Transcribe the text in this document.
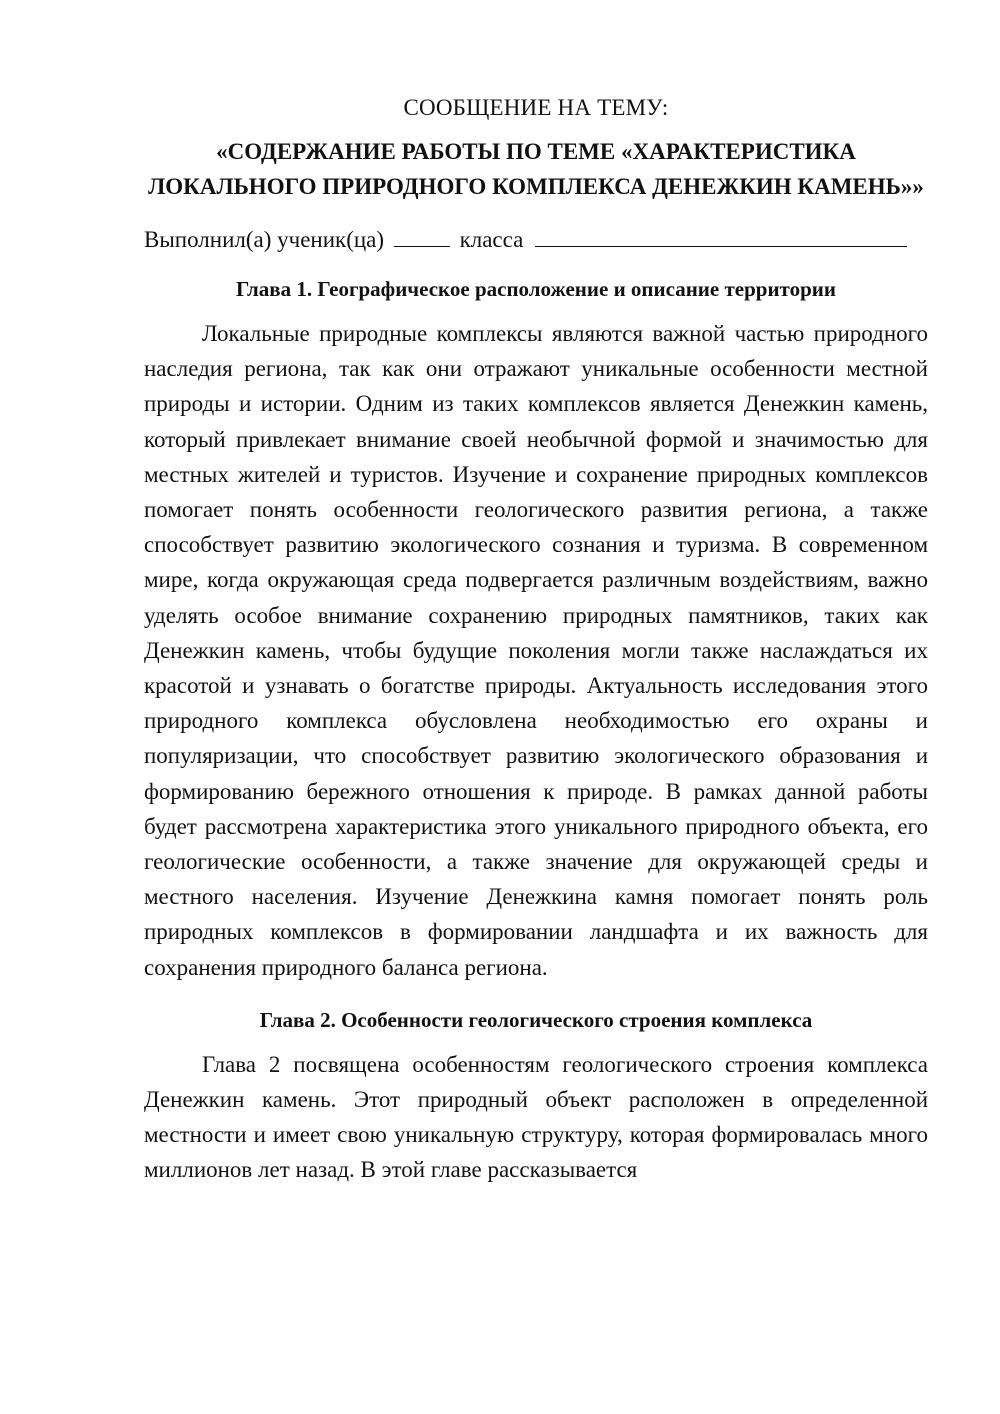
СООБЩЕНИЕ НА ТЕМУ:
«СОДЕРЖАНИЕ РАБОТЫ ПО ТЕМЕ «ХАРАКТЕРИСТИКА ЛОКАЛЬНОГО ПРИРОДНОГО КОМПЛЕКСА ДЕНЕЖКИН КАМЕНЬ»»
Выполнил(а) ученик(ца)	класса
Глава 1. Географическое расположение и описание территории

Локальные природные комплексы являются важной частью природного наследия региона, так как они отражают уникальные особенности местной природы и истории. Одним из таких комплексов является Денежкин камень, который привлекает внимание своей необычной формой и значимостью для местных жителей и туристов. Изучение и сохранение природных комплексов помогает понять особенности геологического развития региона, а также способствует развитию экологического сознания и туризма. В современном мире, когда окружающая среда подвергается различным воздействиям, важно уделять особое внимание сохранению природных памятников, таких как Денежкин камень, чтобы будущие поколения могли также наслаждаться их красотой и узнавать о богатстве природы. Актуальность исследования этого природного комплекса обусловлена необходимостью его охраны и популяризации, что способствует развитию экологического образования и формированию бережного отношения к природе. В рамках данной работы будет рассмотрена характеристика этого уникального природного объекта, его геологические особенности, а также значение для окружающей среды и местного населения. Изучение Денежкина камня помогает понять роль природных комплексов в формировании ландшафта и их важность для сохранения природного баланса региона.

Глава 2. Особенности геологического строения комплекса

Глава 2 посвящена особенностям геологического строения комплекса Денежкин камень. Этот природный объект расположен в определенной местности и имеет свою уникальную структуру, которая формировалась много миллионов лет назад. В этой главе рассказывается
